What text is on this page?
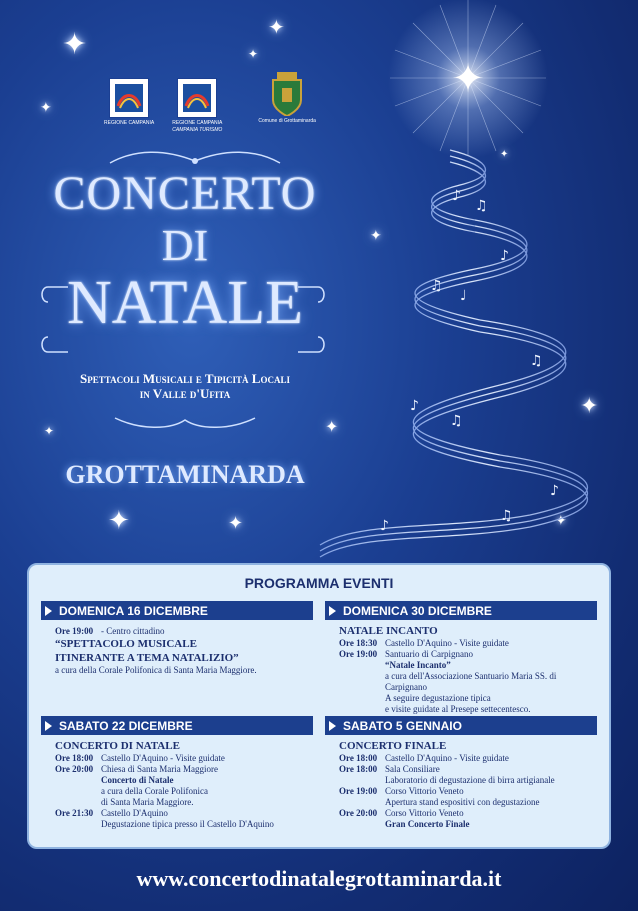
✦	✦
✦
✦
✦
✦
✦	✦
✦	✦
✦
✦
✦
♪
♫
♪
♫
♩
♫
♪
♫
♪
♫
♪
REGIONE CAMPANIA	REGIONE CAMPANIA
CAMPANIA TURISMO
Comune di Grottaminarda
CONCERTO
DI
NATALE
Spettacoli Musicali e Tipicità Locali
in Valle d'Ufita
GROTTAMINARDA
PROGRAMMA EVENTI
DOMENICA 16 DICEMBRE
Ore 19:00 - Centro cittadino
“SPETTACOLO MUSICALE
ITINERANTE A TEMA NATALIZIO”
a cura della Corale Polifonica di Santa Maria Maggiore.
DOMENICA 30 DICEMBRE
NATALE INCANTO
Ore 18:30 Castello D'Aquino - Visite guidate
Ore 19:00 Santuario di Carpignano
“Natale Incanto”
a cura dell'Associazione Santuario Maria SS. di Carpignano
A seguire degustazione tipica
e visite guidate al Presepe settecentesco.
SABATO 22 DICEMBRE
CONCERTO DI NATALE
Ore 18:00 Castello D'Aquino - Visite guidate
Ore 20:00 Chiesa di Santa Maria Maggiore
Concerto di Natale
a cura della Corale Polifonica
di Santa Maria Maggiore.
Ore 21:30 Castello D'Aquino
Degustazione tipica presso il Castello D'Aquino
SABATO 5 GENNAIO
CONCERTO FINALE
Ore 18:00 Castello D'Aquino - Visite guidate
Ore 18:00 Sala Consiliare
Laboratorio di degustazione di birra artigianale
Ore 19:00 Corso Vittorio Veneto
Apertura stand espositivi con degustazione
Ore 20:00 Corso Vittorio Veneto
Gran Concerto Finale
www.concertodinatalegrottaminarda.it
